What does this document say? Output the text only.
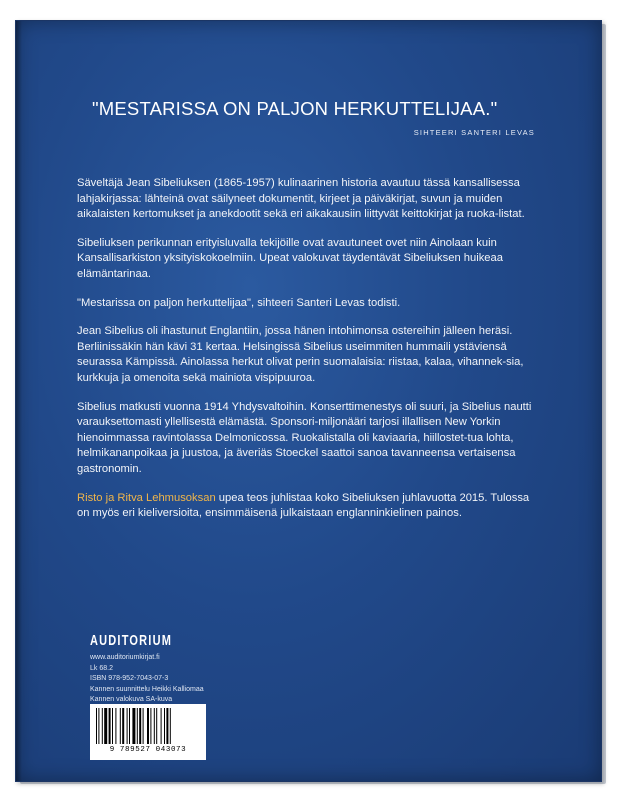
"MESTARISSA ON PALJON HERKUTTELIJAA."
SIHTEERI SANTERI LEVAS

Säveltäjä Jean Sibeliuksen (1865-1957) kulinaarinen historia avautuu tässä kansallisessa lahjakirjassa: lähteinä ovat säilyneet dokumentit, kirjeet ja päiväkirjat, suvun ja muiden aikalaisten kertomukset ja anekdootit sekä eri aikakausiin liittyvät keittokirjat ja ruoka-listat.

Sibeliuksen perikunnan erityisluvalla tekijöille ovat avautuneet ovet niin Ainolaan kuin Kansallisarkiston yksityiskokoelmiin. Upeat valokuvat täydentävät Sibeliuksen huikeaa elämäntarinaa.

"Mestarissa on paljon herkuttelijaa", sihteeri Santeri Levas todisti.

Jean Sibelius oli ihastunut Englantiin, jossa hänen intohimonsa ostereihin jälleen heräsi. Berliinissäkin hän kävi 31 kertaa. Helsingissä Sibelius useimmiten hummaili ystäviensä seurassa Kämpissä. Ainolassa herkut olivat perin suomalaisia: riistaa, kalaa, vihannek-sia, kurkkuja ja omenoita sekä mainiota vispipuuroa.

Sibelius matkusti vuonna 1914 Yhdysvaltoihin. Konserttimenestys oli suuri, ja Sibelius nautti varauksettomasti yllellisestä elämästä. Sponsori-miljonääri tarjosi illallisen New Yorkin hienoimmassa ravintolassa Delmonicossa. Ruokalistalla oli kaviaaria, hiillostet-tua lohta, helmikananpoikaa ja juustoa, ja äveriäs Stoeckel saattoi sanoa tavanneensa vertaisensa gastronomin.

Risto ja Ritva Lehmusoksan upea teos juhlistaa koko Sibeliuksen juhlavuotta 2015. Tulossa on myös eri kieliversioita, ensimmäisenä julkaistaan englanninkielinen painos.

AUDITORIUM
www.auditoriumkirjat.fi
Lk 68.2
ISBN 978-952-7043-07-3
Kannen suunnittelu Heikki Kalliomaa
Kannen valokuva SA-kuva
9 789527 043073
